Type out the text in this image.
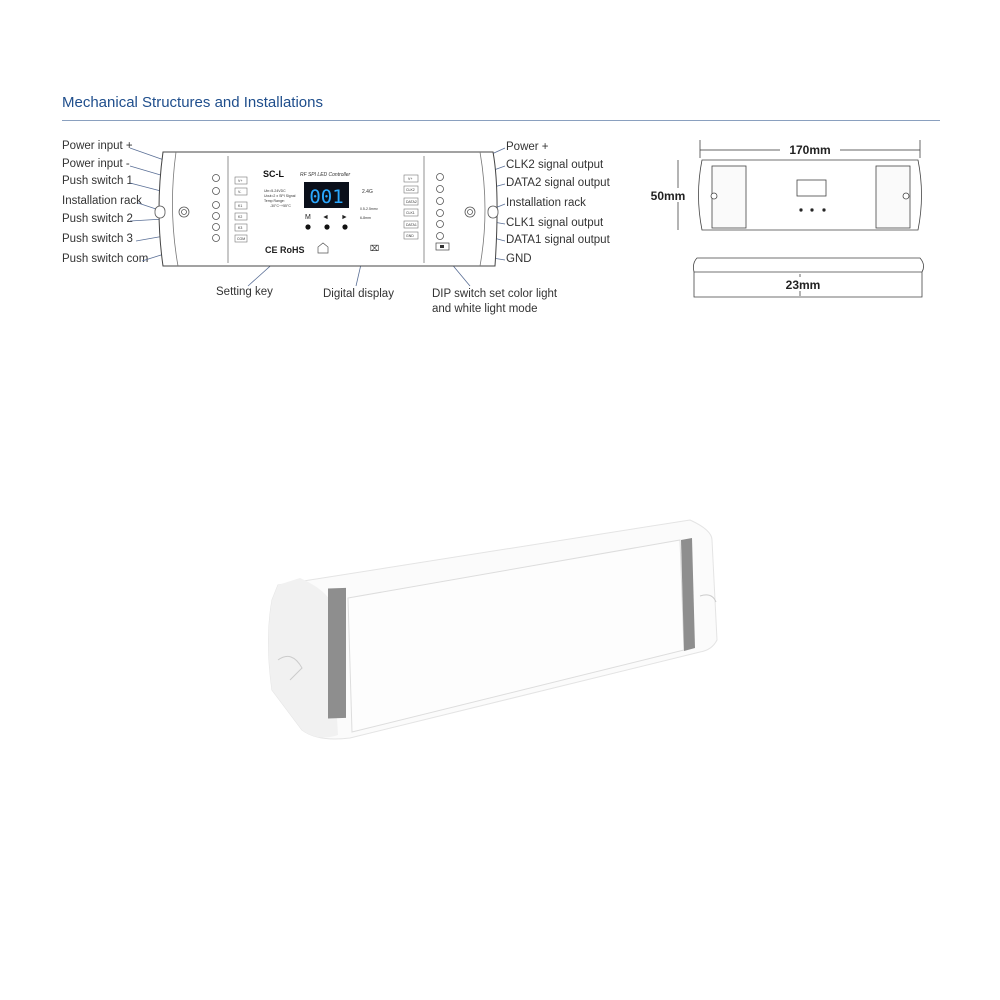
Mechanical Structures and Installations
Power input +
Power input -
Push switch 1
Installation rack
Push switch 2
Push switch 3
Push switch com
Power +
CLK2 signal output
DATA2 signal output
Installation rack
CLK1 signal output
DATA1 signal output
GND
Setting key	Digital display	DIP switch set color light
and white light mode
V+
V-
K1
K2
K3
COM
V+
CLK2
DATA2
CLK1
DATA1
GND
Uin=5-24VDC
Uout=2 x SPI Signal
Temp Range:
-30°C~+55°C
0.5-2.5mm²
6-8mm
SC-L	RF SPI LED Controller
001	2.4G
M ◄ ►
CE RoHS	⌧
170mm
50mm
23mm
